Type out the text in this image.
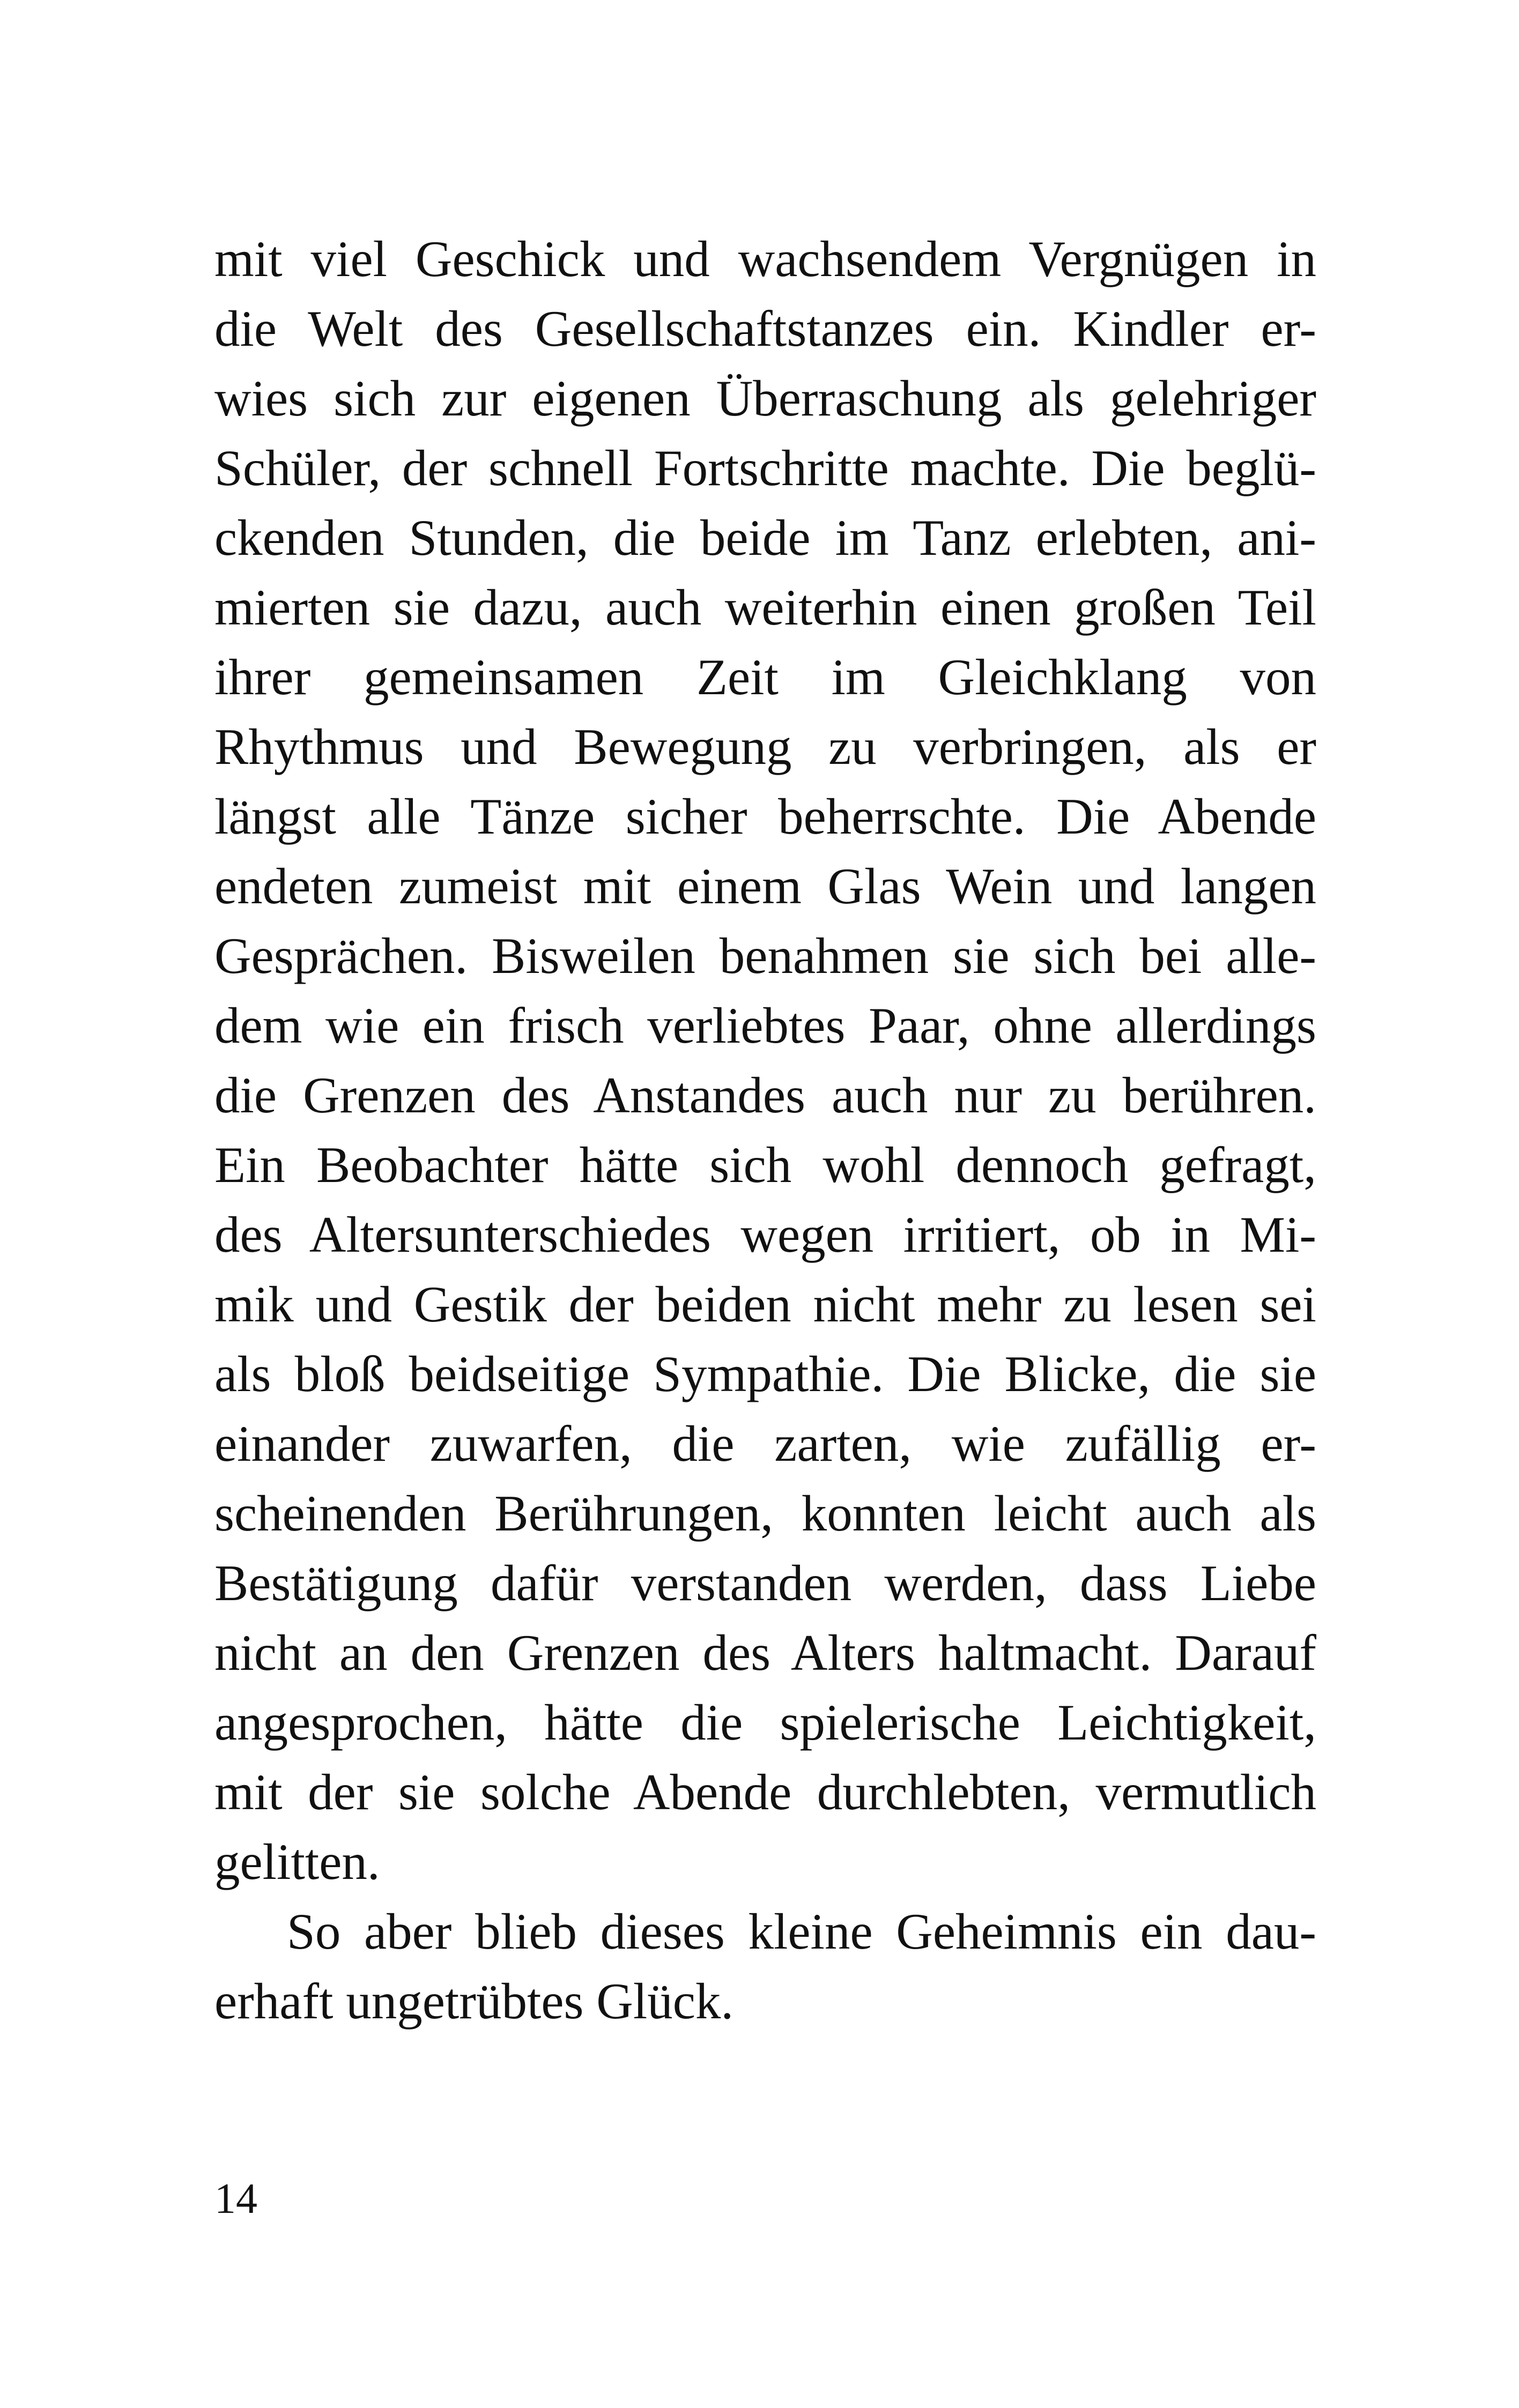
mit viel Geschick und wachsendem Vergnügen in
die Welt des Gesellschaftstanzes ein. Kindler er-
wies sich zur eigenen Überraschung als gelehriger
Schüler, der schnell Fortschritte machte. Die beglü-
ckenden Stunden, die beide im Tanz erlebten, ani-
mierten sie dazu, auch weiterhin einen großen Teil
ihrer gemeinsamen Zeit im Gleichklang von
Rhythmus und Bewegung zu verbringen, als er
längst alle Tänze sicher beherrschte. Die Abende
endeten zumeist mit einem Glas Wein und langen
Gesprächen. Bisweilen benahmen sie sich bei alle-
dem wie ein frisch verliebtes Paar, ohne allerdings
die Grenzen des Anstandes auch nur zu berühren.
Ein Beobachter hätte sich wohl dennoch gefragt,
des Altersunterschiedes wegen irritiert, ob in Mi-
mik und Gestik der beiden nicht mehr zu lesen sei
als bloß beidseitige Sympathie. Die Blicke, die sie
einander zuwarfen, die zarten, wie zufällig er-
scheinenden Berührungen, konnten leicht auch als
Bestätigung dafür verstanden werden, dass Liebe
nicht an den Grenzen des Alters haltmacht. Darauf
angesprochen, hätte die spielerische Leichtigkeit,
mit der sie solche Abende durchlebten, vermutlich
gelitten.
So aber blieb dieses kleine Geheimnis ein dau-
erhaft ungetrübtes Glück.
14
